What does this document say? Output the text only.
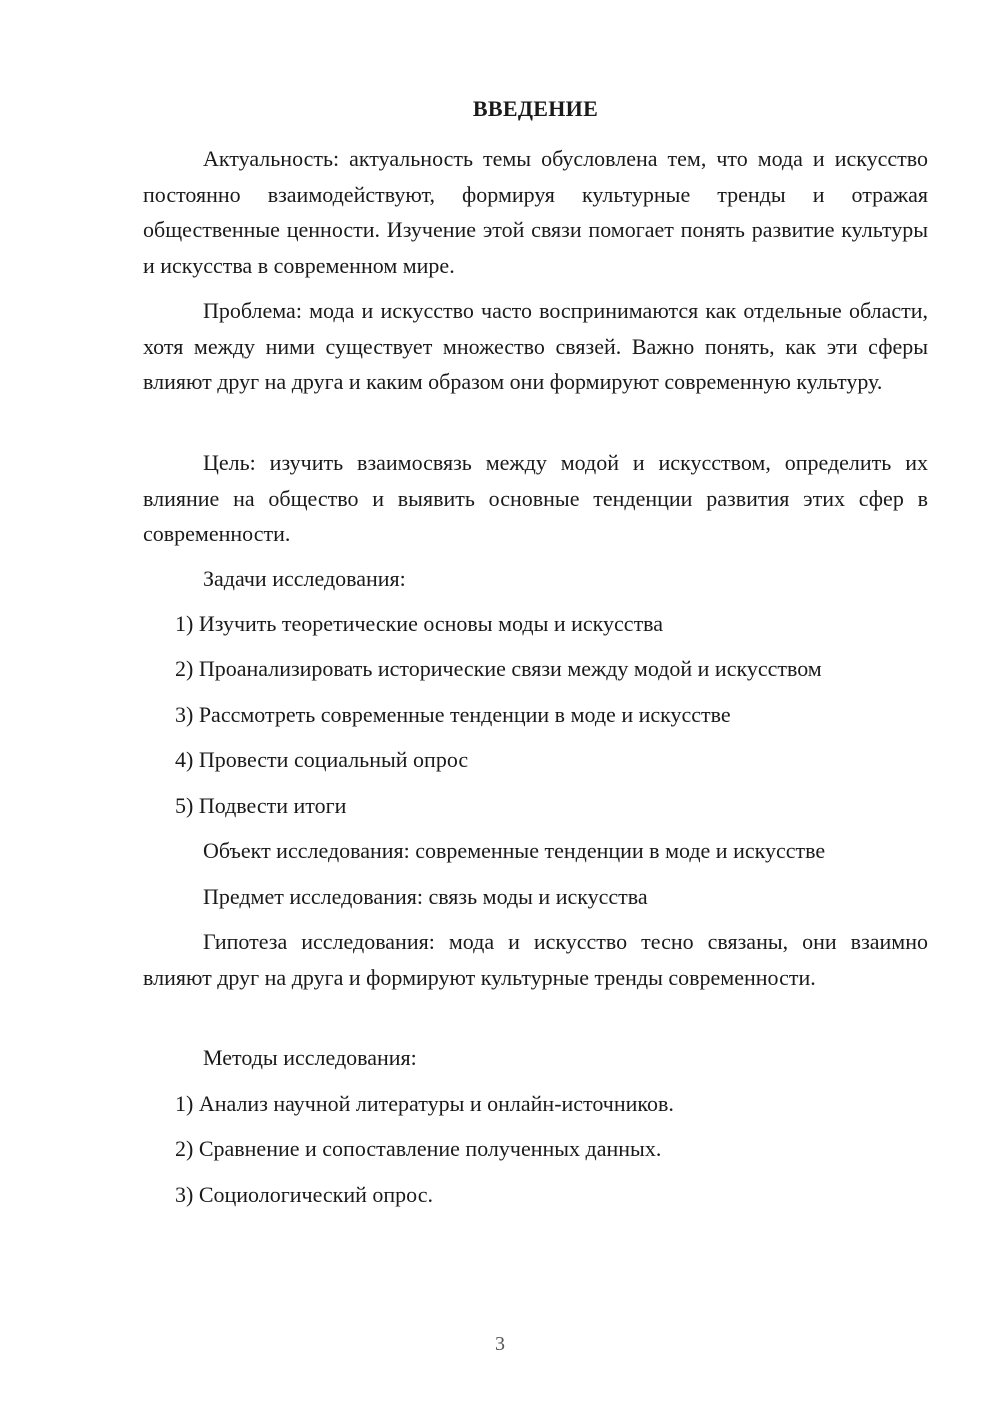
ВВЕДЕНИЕ

Актуальность: актуальность темы обусловлена тем, что мода и искусство постоянно взаимодействуют, формируя культурные тренды и отражая общественные ценности. Изучение этой связи помогает понять развитие культуры и искусства в современном мире.

Проблема: мода и искусство часто воспринимаются как отдельные области, хотя между ними существует множество связей. Важно понять, как эти сферы влияют друг на друга и каким образом они формируют современную культуру.

Цель: изучить взаимосвязь между модой и искусством, определить их влияние на общество и выявить основные тенденции развития этих сфер в современности.

Задачи исследования:

1) Изучить теоретические основы моды и искусства

2) Проанализировать исторические связи между модой и искусством

3) Рассмотреть современные тенденции в моде и искусстве

4) Провести социальный опрос

5) Подвести итоги

Объект исследования: современные тенденции в моде и искусстве

Предмет исследования: связь моды и искусства

Гипотеза исследования: мода и искусство тесно связаны, они взаимно влияют друг на друга и формируют культурные тренды современности.

Методы исследования:

1) Анализ научной литературы и онлайн-источников.

2) Сравнение и сопоставление полученных данных.

3) Социологический опрос.

3
